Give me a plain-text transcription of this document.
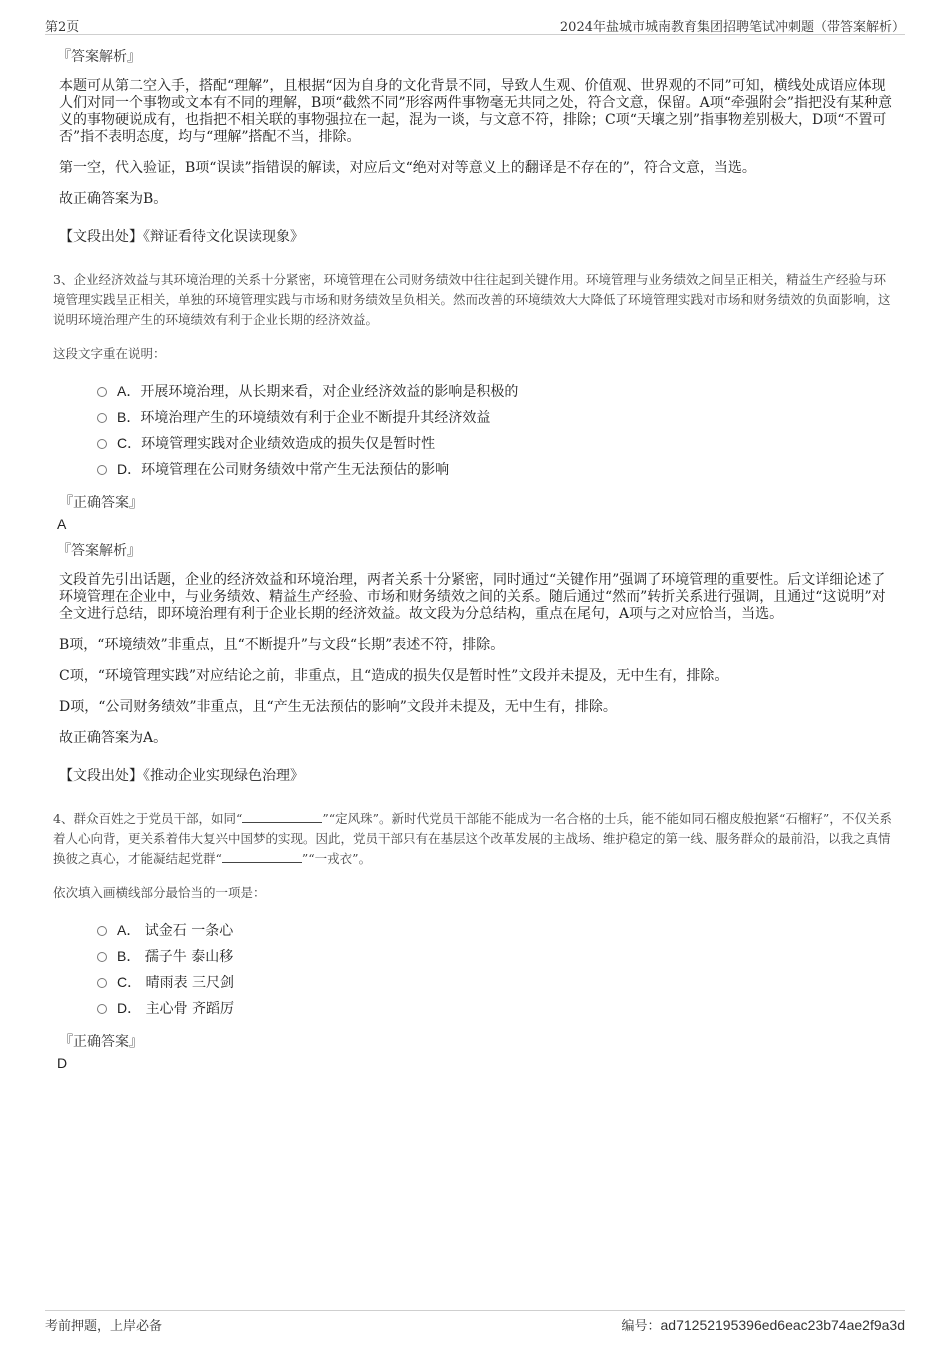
第2页	2024年盐城市城南教育集团招聘笔试冲刺题（带答案解析）
『答案解析』
本题可从第二空入手，搭配“理解”，且根据“因为自身的文化背景不同，导致人生观、价值观、世界观的不同”可知，横线处成语应体现人们对同一个事物或文本有不同的理解，B项“截然不同”形容两件事物毫无共同之处，符合文意，保留。A项“牵强附会”指把没有某种意义的事物硬说成有，也指把不相关联的事物强拉在一起，混为一谈，与文意不符，排除；C项“天壤之别”指事物差别极大，D项“不置可否”指不表明态度，均与“理解”搭配不当，排除。
第一空，代入验证，B项“误读”指错误的解读，对应后文“绝对对等意义上的翻译是不存在的”，符合文意，当选。
故正确答案为B。
【文段出处】《辩证看待文化误读现象》
3、企业经济效益与其环境治理的关系十分紧密，环境管理在公司财务绩效中往往起到关键作用。环境管理与业务绩效之间呈正相关，精益生产经验与环境管理实践呈正相关，单独的环境管理实践与市场和财务绩效呈负相关。然而改善的环境绩效大大降低了环境管理实践对市场和财务绩效的负面影响，这说明环境治理产生的环境绩效有利于企业长期的经济效益。
这段文字重在说明：
A．开展环境治理，从长期来看，对企业经济效益的影响是积极的
B．环境治理产生的环境绩效有利于企业不断提升其经济效益
C．环境管理实践对企业绩效造成的损失仅是暂时性
D．环境管理在公司财务绩效中常产生无法预估的影响
『正确答案』
A
『答案解析』
文段首先引出话题，企业的经济效益和环境治理，两者关系十分紧密，同时通过“关键作用”强调了环境管理的重要性。后文详细论述了环境管理在企业中，与业务绩效、精益生产经验、市场和财务绩效之间的关系。随后通过“然而”转折关系进行强调，且通过“这说明”对全文进行总结，即环境治理有利于企业长期的经济效益。故文段为分总结构，重点在尾句，A项与之对应恰当，当选。
B项，“环境绩效”非重点，且“不断提升”与文段“长期”表述不符，排除。
C项，“环境管理实践”对应结论之前，非重点，且“造成的损失仅是暂时性”文段并未提及，无中生有，排除。
D项，“公司财务绩效”非重点，且“产生无法预估的影响”文段并未提及，无中生有，排除。
故正确答案为A。
【文段出处】《推动企业实现绿色治理》
4、群众百姓之于党员干部，如同“	”“定风珠”。新时代党员干部能不能成为一名合格的士兵，能不能如同石榴皮般抱紧“石榴籽”，不仅关系着人心向背，更关系着伟大复兴中国梦的实现。因此，党员干部只有在基层这个改革发展的主战场、维护稳定的第一线、服务群众的最前沿，以我之真情换彼之真心，才能凝结起党群“	”“一戎衣”。
依次填入画横线部分最恰当的一项是：
A． 试金石 一条心
B． 孺子牛 泰山移
C． 晴雨表 三尺剑
D． 主心骨 齐蹈厉
『正确答案』
D
考前押题，上岸必备	编号：ad71252195396ed6eac23b74ae2f9a3d
